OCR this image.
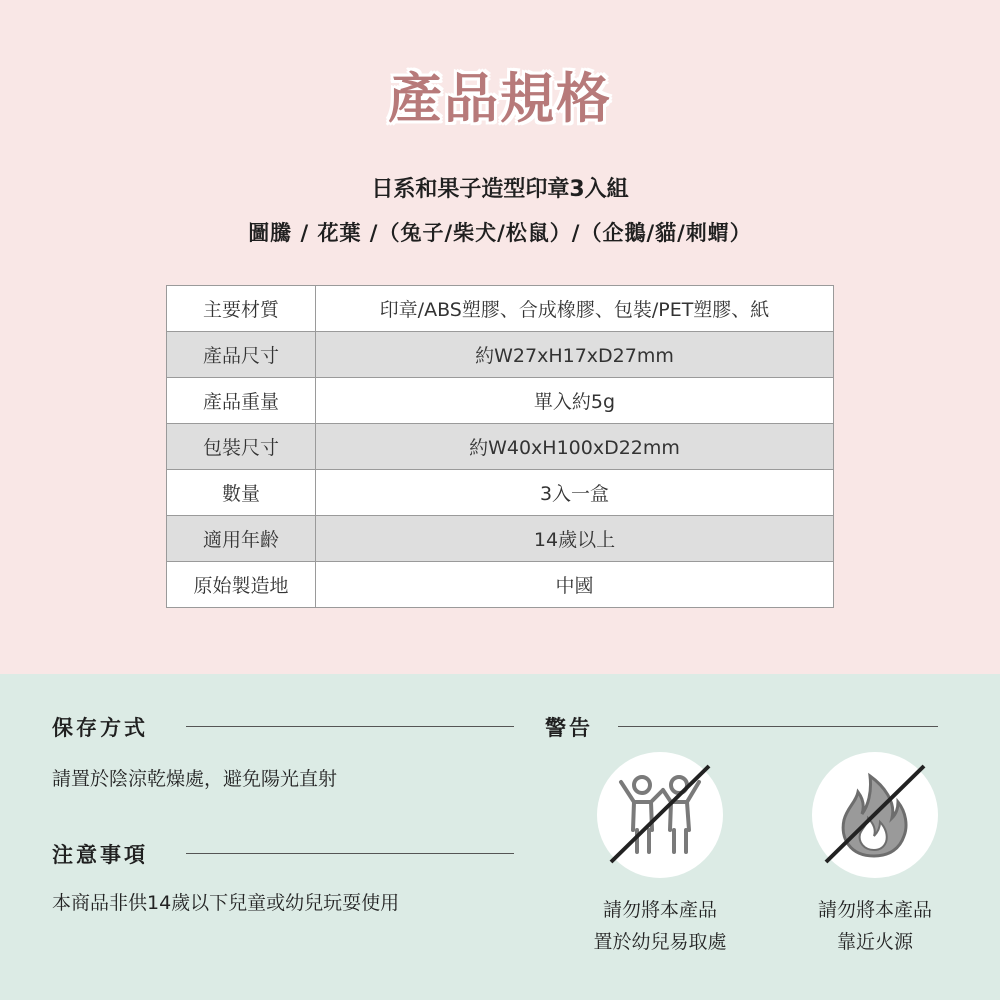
產品規格
日系和果子造型印章3入組
圖騰 / 花葉 /（兔子/柴犬/松鼠）/（企鵝/貓/刺蝟）
主要材質	印章/ABS塑膠、合成橡膠、包裝/PET塑膠、紙
產品尺寸	約W27xH17xD27mm
產品重量	單入約5g
包裝尺寸	約W40xH100xD22mm
數量	3入一盒
適用年齡	14歲以上
原始製造地	中國
保存方式
請置於陰涼乾燥處，避免陽光直射
注意事項
本商品非供14歲以下兒童或幼兒玩耍使用
警告
請勿將本產品
置於幼兒易取處
請勿將本產品
靠近火源
